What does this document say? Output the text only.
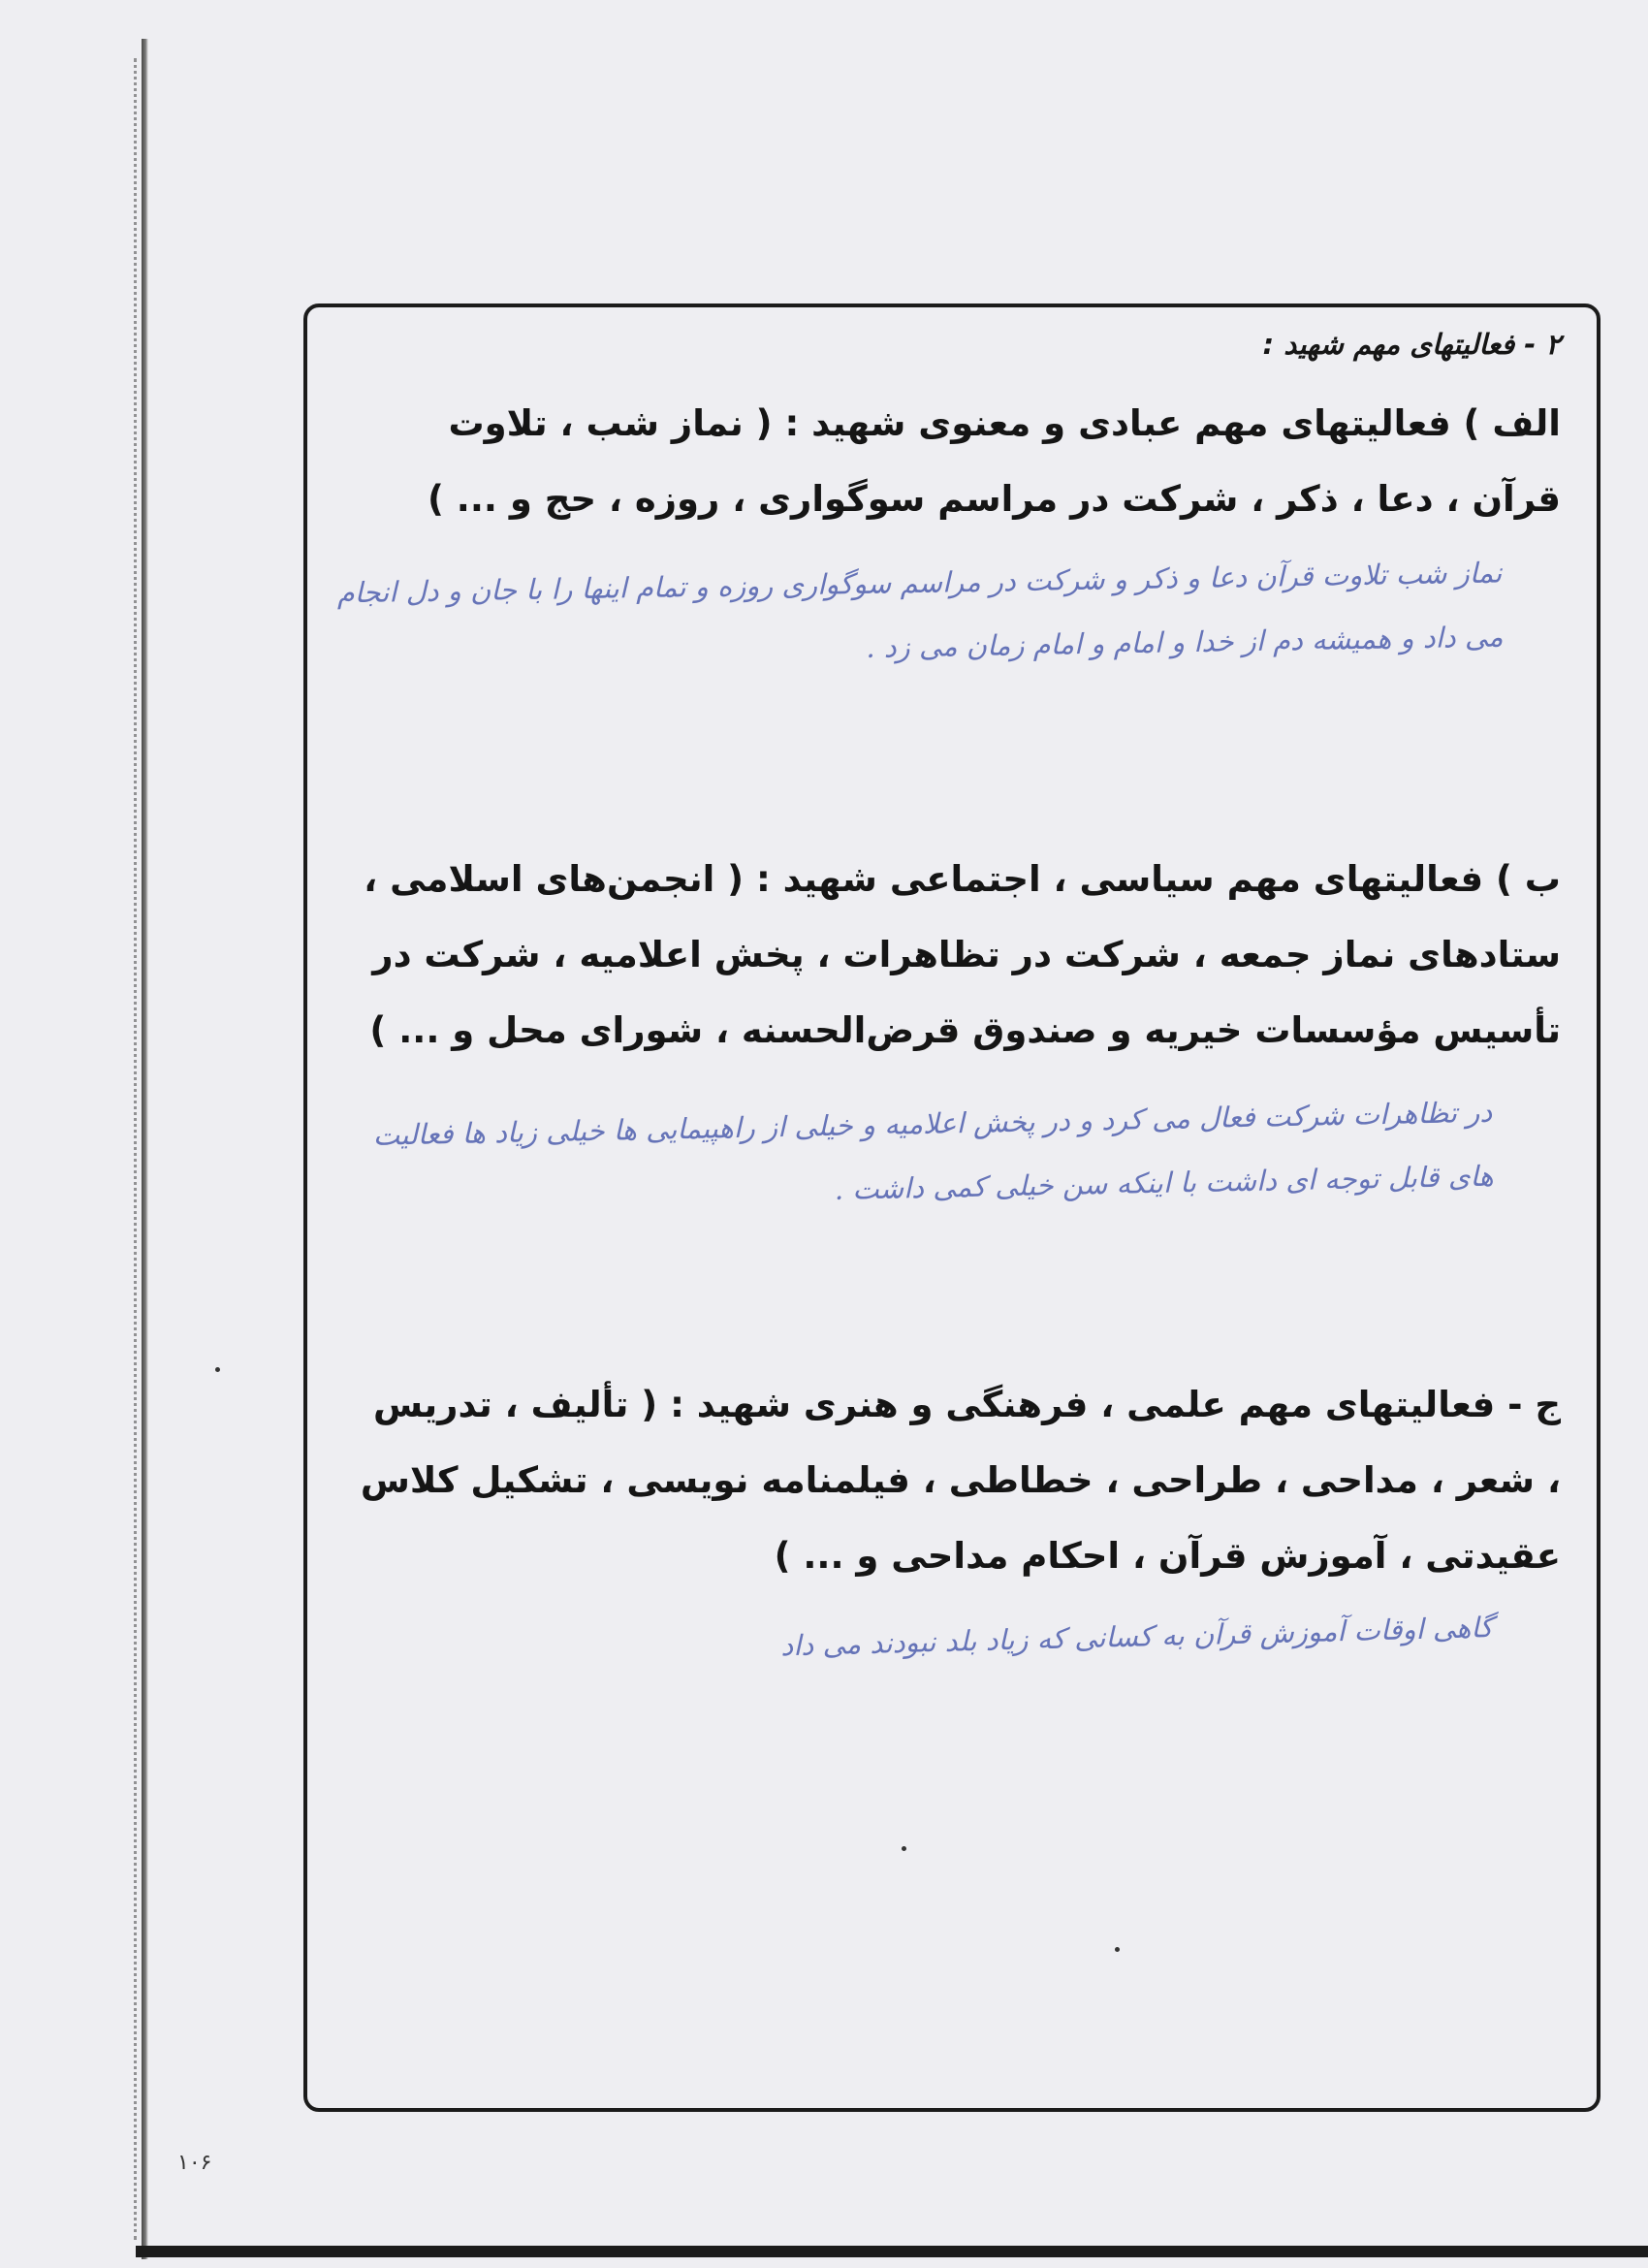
۲ - فعالیتهای مهم شهید :
الف ) فعالیتهای مهم عبادی و معنوی شهید : ( نماز شب ، تلاوت قرآن ، دعا ، ذکر ، شرکت در مراسم سوگواری ، روزه ، حج و ... )
نماز شب تلاوت قرآن دعا و ذکر و شرکت در مراسم سوگواری روزه و تمام اینها را با جان و دل انجام می داد و همیشه دم از خدا و امام و امام زمان می زد .
ب ) فعالیتهای مهم سیاسی ، اجتماعی شهید : ( انجمن‌های اسلامی ، ستادهای نماز جمعه ، شرکت در تظاهرات ، پخش اعلامیه ، شرکت در تأسیس مؤسسات خیریه و صندوق قرض‌الحسنه ، شورای محل و ... )
در تظاهرات شرکت فعال می کرد و در پخش اعلامیه و خیلی از راهپیمایی ها خیلی زیاد ها فعالیت های قابل توجه ای داشت با اینکه سن خیلی کمی داشت .
ج - فعالیتهای مهم علمی ، فرهنگی و هنری شهید : ( تألیف ، تدریس ، شعر ، مداحی ، طراحی ، خطاطی ، فیلمنامه نویسی ، تشکیل کلاس عقیدتی ، آموزش قرآن ، احکام مداحی و ... )
گاهی اوقات آموزش قرآن به کسانی که زیاد بلد نبودند می داد
۱۰۶
